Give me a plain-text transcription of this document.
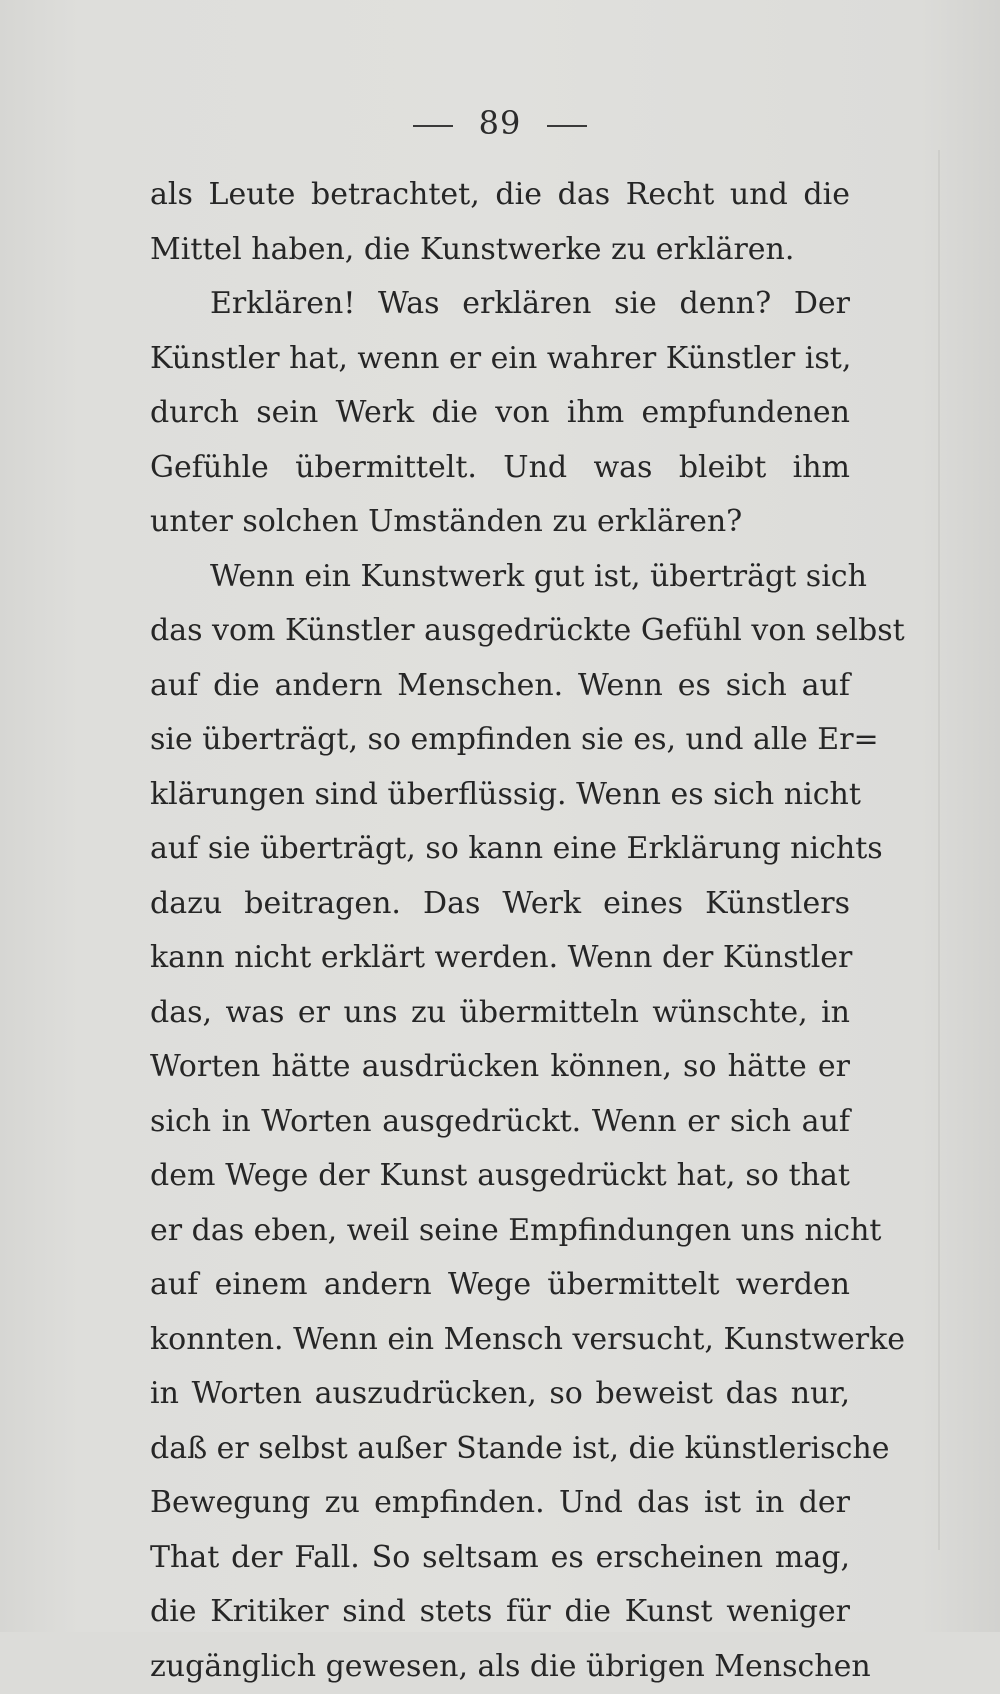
89
als Leute betrachtet, die das Recht und die
Mittel haben, die Kunstwerke zu erklären.
Erklären! Was erklären sie denn? Der
Künstler hat, wenn er ein wahrer Künstler ist,
durch sein Werk die von ihm empfundenen
Gefühle übermittelt. Und was bleibt ihm
unter solchen Umständen zu erklären?
Wenn ein Kunstwerk gut ist, überträgt sich
das vom Künstler ausgedrückte Gefühl von selbst
auf die andern Menschen. Wenn es sich auf
sie überträgt, so empfinden sie es, und alle Er=
klärungen sind überflüssig. Wenn es sich nicht
auf sie überträgt, so kann eine Erklärung nichts
dazu beitragen. Das Werk eines Künstlers
kann nicht erklärt werden. Wenn der Künstler
das, was er uns zu übermitteln wünschte, in
Worten hätte ausdrücken können, so hätte er
sich in Worten ausgedrückt. Wenn er sich auf
dem Wege der Kunst ausgedrückt hat, so that
er das eben, weil seine Empfindungen uns nicht
auf einem andern Wege übermittelt werden
konnten. Wenn ein Mensch versucht, Kunstwerke
in Worten auszudrücken, so beweist das nur,
daß er selbst außer Stande ist, die künstlerische
Bewegung zu empfinden. Und das ist in der
That der Fall. So seltsam es erscheinen mag,
die Kritiker sind stets für die Kunst weniger
zugänglich gewesen, als die übrigen Menschen
